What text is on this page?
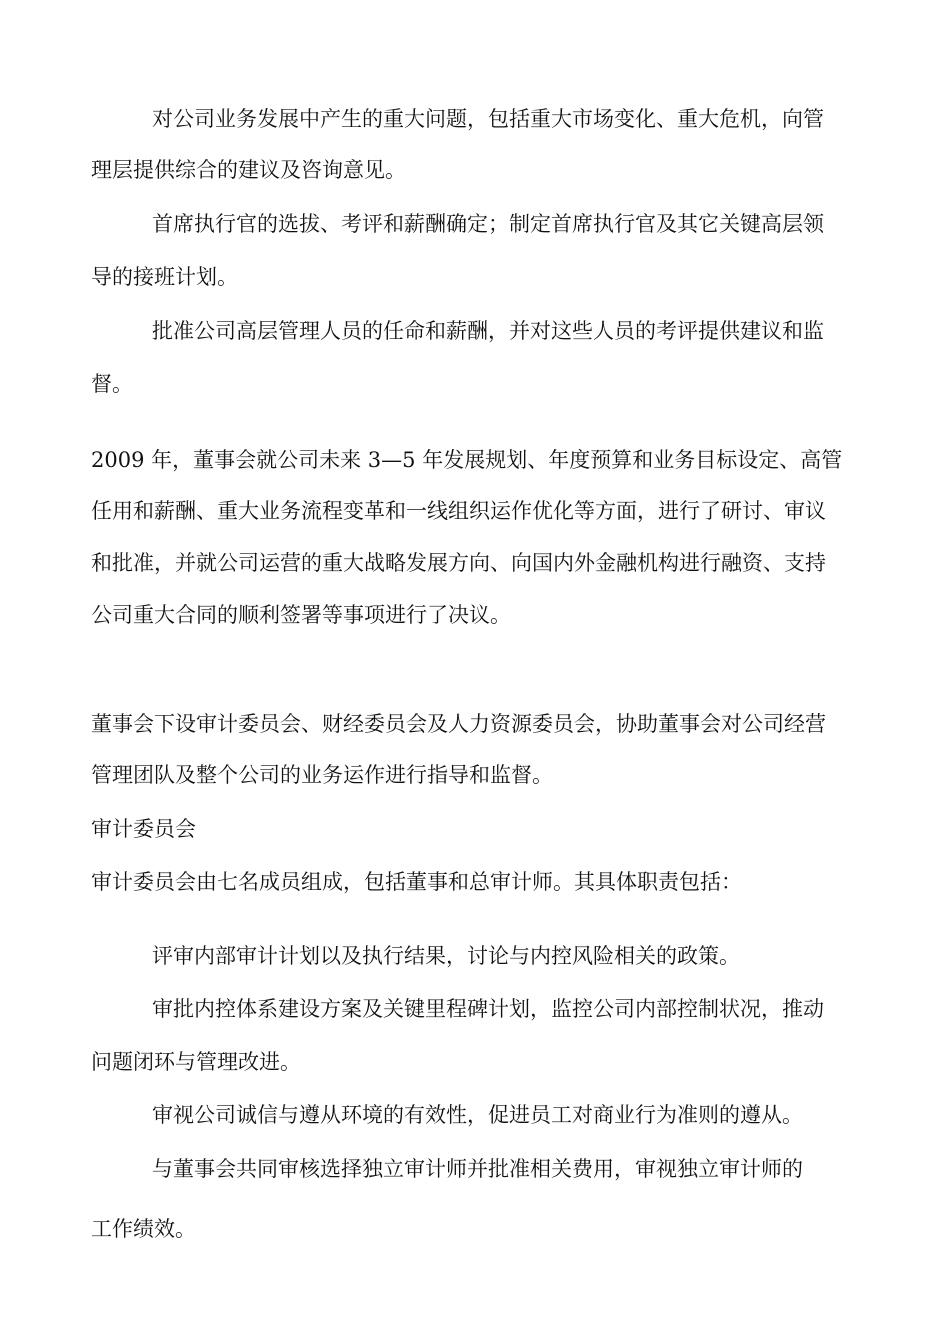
对公司业务发展中产生的重大问题，包括重大市场变化、重大危机，向管
理层提供综合的建议及咨询意见。
首席执行官的选拔、考评和薪酬确定；制定首席执行官及其它关键高层领
导的接班计划。
批准公司高层管理人员的任命和薪酬，并对这些人员的考评提供建议和监
督。
2009 年，董事会就公司未来 3—5 年发展规划、年度预算和业务目标设定、高管
任用和薪酬、重大业务流程变革和一线组织运作优化等方面，进行了研讨、审议
和批准，并就公司运营的重大战略发展方向、向国内外金融机构进行融资、支持
公司重大合同的顺利签署等事项进行了决议。
董事会下设审计委员会、财经委员会及人力资源委员会，协助董事会对公司经营
管理团队及整个公司的业务运作进行指导和监督。
审计委员会
审计委员会由七名成员组成，包括董事和总审计师。其具体职责包括：
评审内部审计计划以及执行结果，讨论与内控风险相关的政策。
审批内控体系建设方案及关键里程碑计划，监控公司内部控制状况，推动
问题闭环与管理改进。
审视公司诚信与遵从环境的有效性，促进员工对商业行为准则的遵从。
与董事会共同审核选择独立审计师并批准相关费用，审视独立审计师的
工作绩效。
